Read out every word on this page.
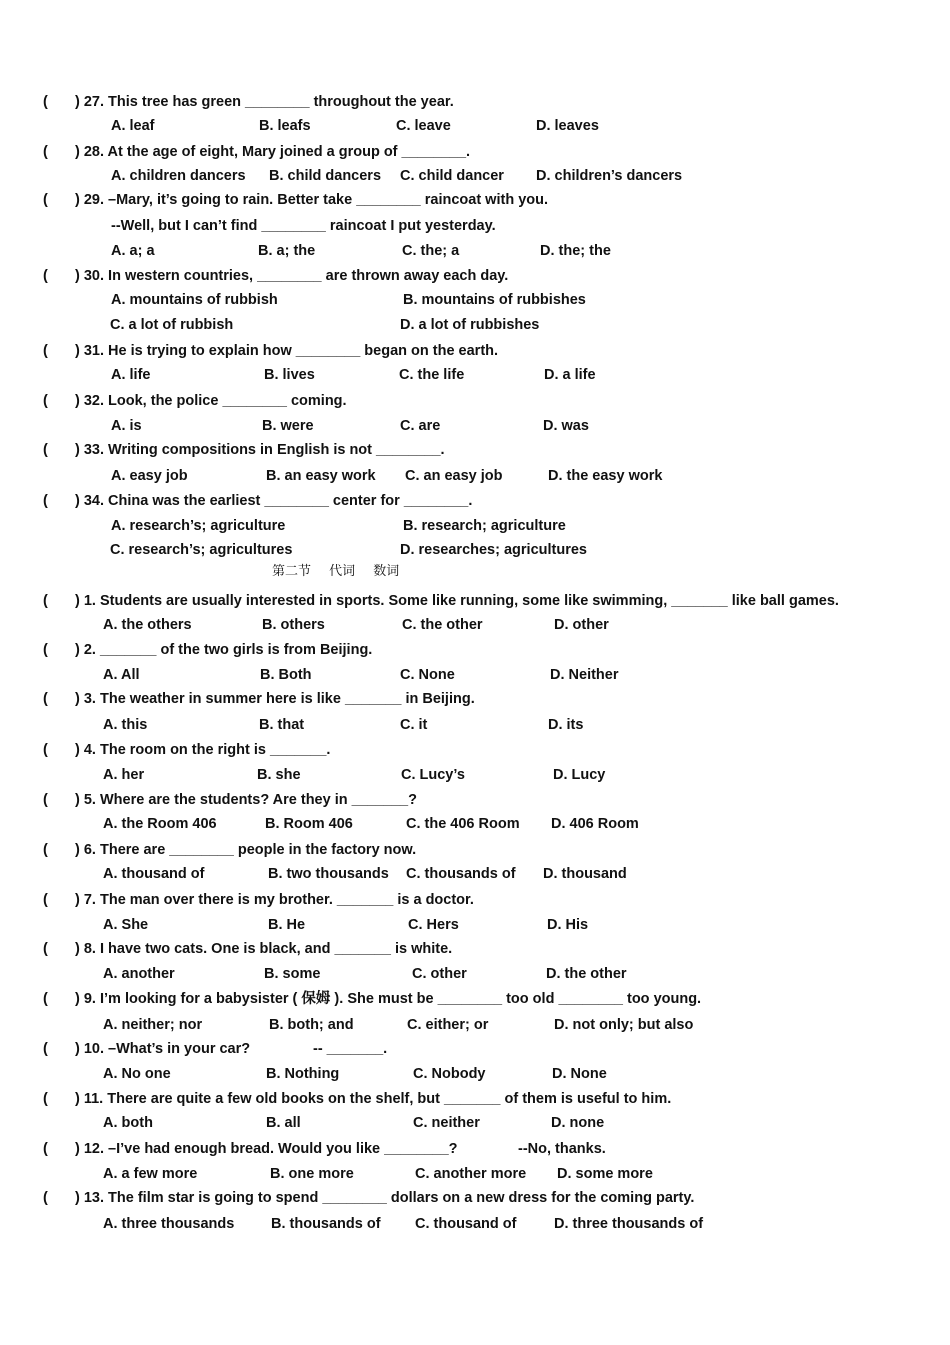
( ) 27. This tree has green ________ throughout the year.
A. leaf	B. leafs	C. leave	D. leaves
( ) 28. At the age of eight, Mary joined a group of ________.
A. children dancers B. child dancers C. child dancer D. children’s dancers
( ) 29. –Mary, it’s going to rain. Better take ________ raincoat with you.
--Well, but I can’t find ________ raincoat I put yesterday.
A. a; a	B. a; the	C. the; a	D. the; the
( ) 30. In western countries, ________ are thrown away each day.
A. mountains of rubbish	B. mountains of rubbishes
C. a lot of rubbish	D. a lot of rubbishes
( ) 31. He is trying to explain how ________ began on the earth.
A. life	B. lives	C. the life	D. a life
( ) 32. Look, the police ________ coming.
A. is	B. were	C. are	D. was
( ) 33. Writing compositions in English is not ________.
A. easy job	B. an easy work C. an easy job	D. the easy work
( ) 34. China was the earliest ________ center for ________.
A. research’s; agriculture	B. research; agriculture
C. research’s; agricultures	D. researches; agricultures
第二节 代词 数词
( ) 1. Students are usually interested in sports. Some like running, some like swimming, _______ like ball games.
A. the others	B. others	C. the other	D. other
( ) 2. _______ of the two girls is from Beijing.
A. All	B. Both	C. None	D. Neither
( ) 3. The weather in summer here is like _______ in Beijing.
A. this	B. that	C. it	D. its
( ) 4. The room on the right is _______.
A. her	B. she	C. Lucy’s	D. Lucy
( ) 5. Where are the students? Are they in _______?
A. the Room 406	B. Room 406	C. the 406 Room D. 406 Room
( ) 6. There are ________ people in the factory now.
A. thousand of	B. two thousands C. thousands of D. thousand
( ) 7. The man over there is my brother. _______ is a doctor.
A. She	B. He	C. Hers	D. His
( ) 8. I have two cats. One is black, and _______ is white.
A. another	B. some	C. other	D. the other
( ) 9. I’m looking for a babysister ( 保姆 ). She must be ________ too old ________ too young.
A. neither; nor	B. both; and	C. either; or	D. not only; but also
( ) 10. –What’s in your car?	-- _______.
A. No one	B. Nothing	C. Nobody	D. None
( ) 11. There are quite a few old books on the shelf, but _______ of them is useful to him.
A. both	B. all	C. neither	D. none
( ) 12. –I’ve had enough bread. Would you like ________?	--No, thanks.
A. a few more	B. one more	C. another more D. some more
( ) 13. The film star is going to spend ________ dollars on a new dress for the coming party.
A. three thousands	B. thousands of C. thousand of	D. three thousands of
